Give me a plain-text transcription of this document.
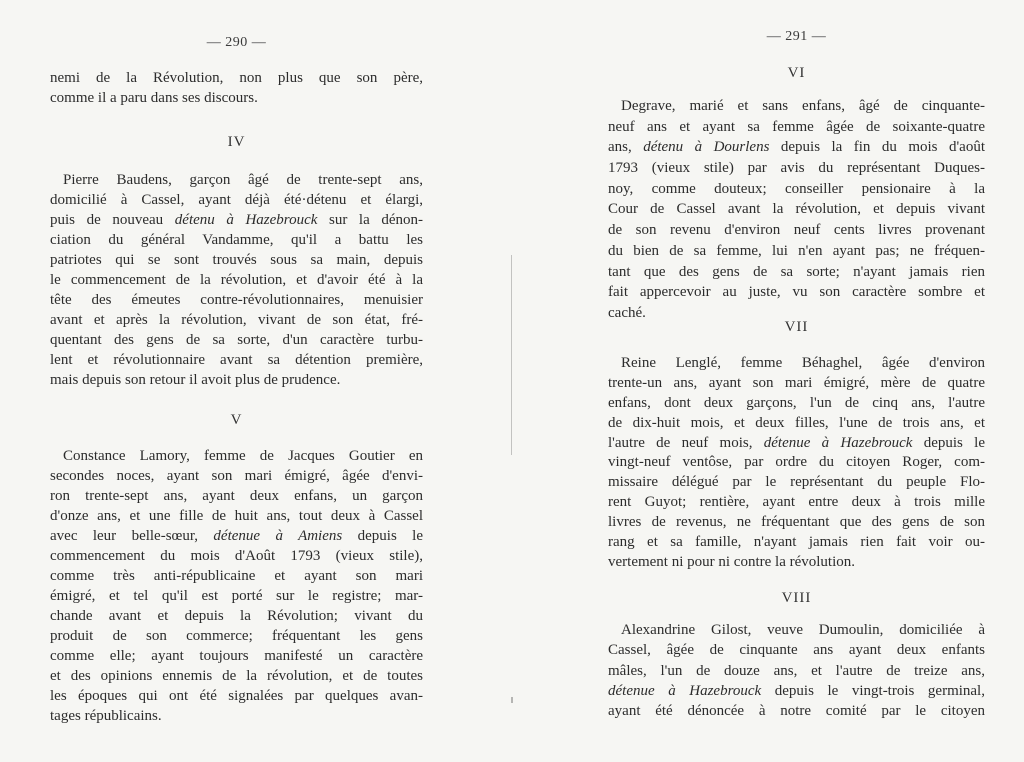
— 290 —
nemi de la Révolution, non plus que son père,
comme il a paru dans ses discours.
IV
Pierre Baudens, garçon âgé de trente-sept ans,
domicilié à Cassel, ayant déjà été·détenu et élargi,
puis de nouveau détenu à Hazebrouck sur la dénon-
ciation du général Vandamme, qu'il a battu les
patriotes qui se sont trouvés sous sa main, depuis
le commencement de la révolution, et d'avoir été à la
tête des émeutes contre-révolutionnaires, menuisier
avant et après la révolution, vivant de son état, fré-
quentant des gens de sa sorte, d'un caractère turbu-
lent et révolutionnaire avant sa détention première,
mais depuis son retour il avoit plus de prudence.
V
Constance Lamory, femme de Jacques Goutier en
secondes noces, ayant son mari émigré, âgée d'envi-
ron trente-sept ans, ayant deux enfans, un garçon
d'onze ans, et une fille de huit ans, tout deux à Cassel
avec leur belle-sœur, détenue à Amiens depuis le
commencement du mois d'Août 1793 (vieux stile),
comme très anti-républicaine et ayant son mari
émigré, et tel qu'il est porté sur le registre; mar-
chande avant et depuis la Révolution; vivant du
produit de son commerce; fréquentant les gens
comme elle; ayant toujours manifesté un caractère
et des opinions ennemis de la révolution, et de toutes
les époques qui ont été signalées par quelques avan-
tages républicains.
— 291 —
VI
Degrave, marié et sans enfans, âgé de cinquante-
neuf ans et ayant sa femme âgée de soixante-quatre
ans, détenu à Dourlens depuis la fin du mois d'août
1793 (vieux stile) par avis du représentant Duques-
noy, comme douteux; conseiller pensionaire à la
Cour de Cassel avant la révolution, et depuis vivant
de son revenu d'environ neuf cents livres provenant
du bien de sa femme, lui n'en ayant pas; ne fréquen-
tant que des gens de sa sorte; n'ayant jamais rien
fait appercevoir au juste, vu son caractère sombre et
caché.
VII
Reine Lenglé, femme Béhaghel, âgée d'environ
trente-un ans, ayant son mari émigré, mère de quatre
enfans, dont deux garçons, l'un de cinq ans, l'autre
de dix-huit mois, et deux filles, l'une de trois ans, et
l'autre de neuf mois, détenue à Hazebrouck depuis le
vingt-neuf ventôse, par ordre du citoyen Roger, com-
missaire délégué par le représentant du peuple Flo-
rent Guyot; rentière, ayant entre deux à trois mille
livres de revenus, ne fréquentant que des gens de son
rang et sa famille, n'ayant jamais rien fait voir ou-
vertement ni pour ni contre la révolution.
VIII
Alexandrine Gilost, veuve Dumoulin, domiciliée à
Cassel, âgée de cinquante ans ayant deux enfants
mâles, l'un de douze ans, et l'autre de treize ans,
détenue à Hazebrouck depuis le vingt-trois germinal,
ayant été dénoncée à notre comité par le citoyen
